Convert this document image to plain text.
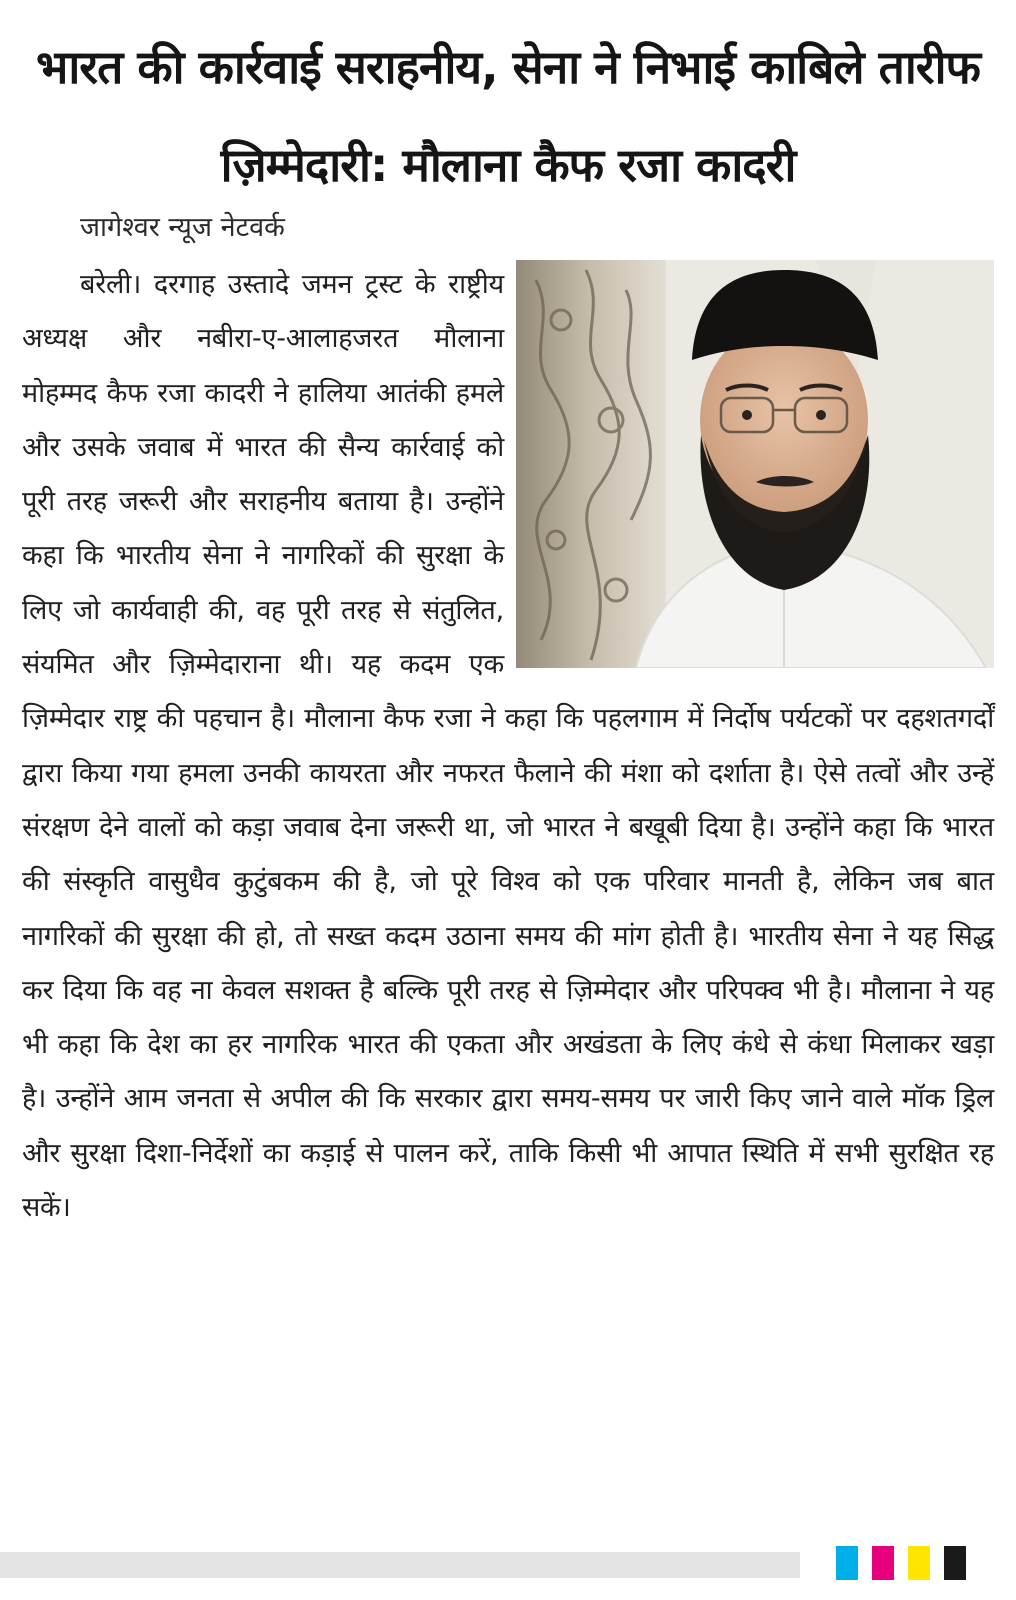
भारत की कार्रवाई सराहनीय, सेना ने निभाई काबिले तारीफ ज़िम्मेदारी: मौलाना कैफ रजा कादरी
जागेश्वर न्यूज नेटवर्क
बरेली। दरगाह उस्तादे जमन ट्रस्ट के राष्ट्रीय अध्यक्ष और नबीरा-ए-आलाहजरत मौलाना मोहम्मद कैफ रजा कादरी ने हालिया आतंकी हमले और उसके जवाब में भारत की सैन्य कार्रवाई को पूरी तरह जरूरी और सराहनीय बताया है। उन्होंने कहा कि भारतीय सेना ने नागरिकों की सुरक्षा के लिए जो कार्यवाही की, वह पूरी तरह से संतुलित, संयमित और ज़िम्मेदाराना थी। यह कदम एक ज़िम्मेदार राष्ट्र की पहचान है। मौलाना कैफ रजा ने कहा कि पहलगाम में निर्दोष पर्यटकों पर दहशतगर्दों द्वारा किया गया हमला उनकी कायरता और नफरत फैलाने की मंशा को दर्शाता है। ऐसे तत्वों और उन्हें संरक्षण देने वालों को कड़ा जवाब देना जरूरी था, जो भारत ने बखूबी दिया है। उन्होंने कहा कि भारत की संस्कृति वासुधैव कुटुंबकम की है, जो पूरे विश्व को एक परिवार मानती है, लेकिन जब बात नागरिकों की सुरक्षा की हो, तो सख्त कदम उठाना समय की मांग होती है। भारतीय सेना ने यह सिद्ध कर दिया कि वह ना केवल सशक्त है बल्कि पूरी तरह से ज़िम्मेदार और परिपक्व भी है। मौलाना ने यह भी कहा कि देश का हर नागरिक भारत की एकता और अखंडता के लिए कंधे से कंधा मिलाकर खड़ा है। उन्होंने आम जनता से अपील की कि सरकार द्वारा समय-समय पर जारी किए जाने वाले मॉक ड्रिल और सुरक्षा दिशा-निर्देशों का कड़ाई से पालन करें, ताकि किसी भी आपात स्थिति में सभी सुरक्षित रह सकें।
